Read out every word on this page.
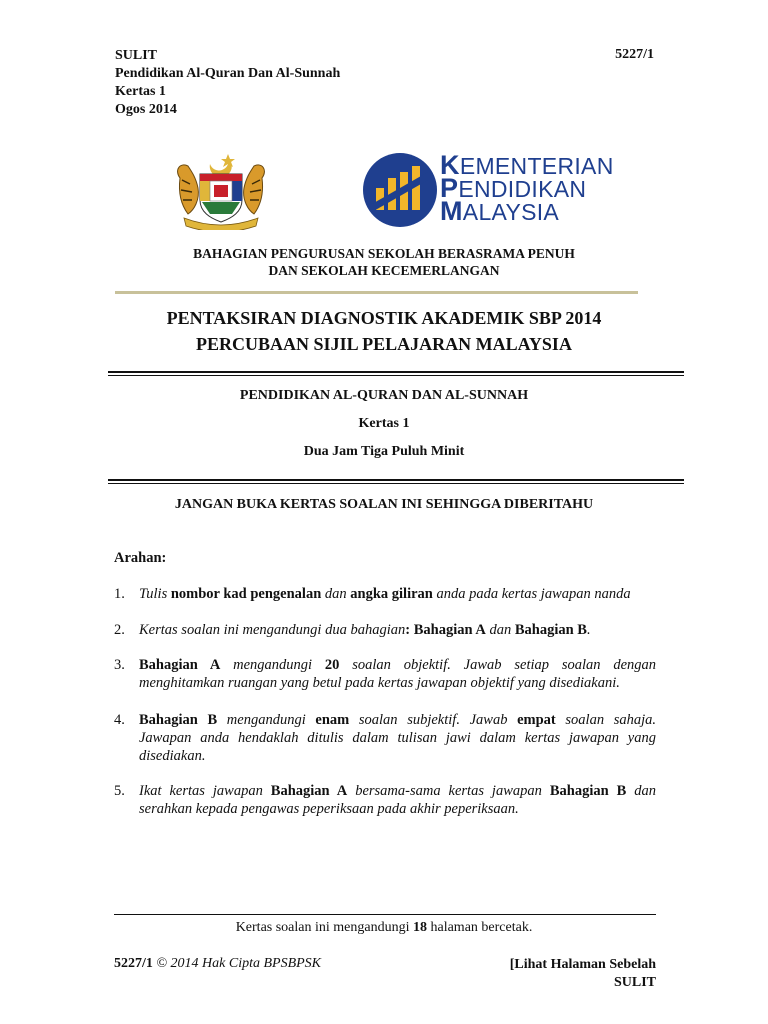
SULIT
Pendidikan Al-Quran Dan Al-Sunnah
Kertas 1
Ogos 2014
5227/1
KEMENTERIAN
PENDIDIKAN
MALAYSIA
BAHAGIAN PENGURUSAN SEKOLAH BERASRAMA PENUH
DAN SEKOLAH KECEMERLANGAN
PENTAKSIRAN DIAGNOSTIK AKADEMIK SBP 2014
PERCUBAAN SIJIL PELAJARAN MALAYSIA
PENDIDIKAN AL-QURAN DAN AL-SUNNAH
Kertas 1
Dua Jam Tiga Puluh Minit
JANGAN BUKA KERTAS SOALAN INI SEHINGGA DIBERITAHU
Arahan:
1. Tulis nombor kad pengenalan dan angka giliran anda pada kertas jawapan nanda
2. Kertas soalan ini mengandungi dua bahagian: Bahagian A dan Bahagian B.
3. Bahagian A mengandungi 20 soalan objektif. Jawab setiap soalan dengan menghitamkan ruangan yang betul pada kertas jawapan objektif yang disediakani.
4. Bahagian B mengandungi enam soalan subjektif. Jawab empat soalan sahaja. Jawapan anda hendaklah ditulis dalam tulisan jawi dalam kertas jawapan yang disediakan.
5. Ikat kertas jawapan Bahagian A bersama-sama kertas jawapan Bahagian B dan serahkan kepada pengawas peperiksaan pada akhir peperiksaan.
Kertas soalan ini mengandungi 18 halaman bercetak.
5227/1 © 2014 Hak Cipta BPSBPSK	[Lihat Halaman Sebelah
SULIT
